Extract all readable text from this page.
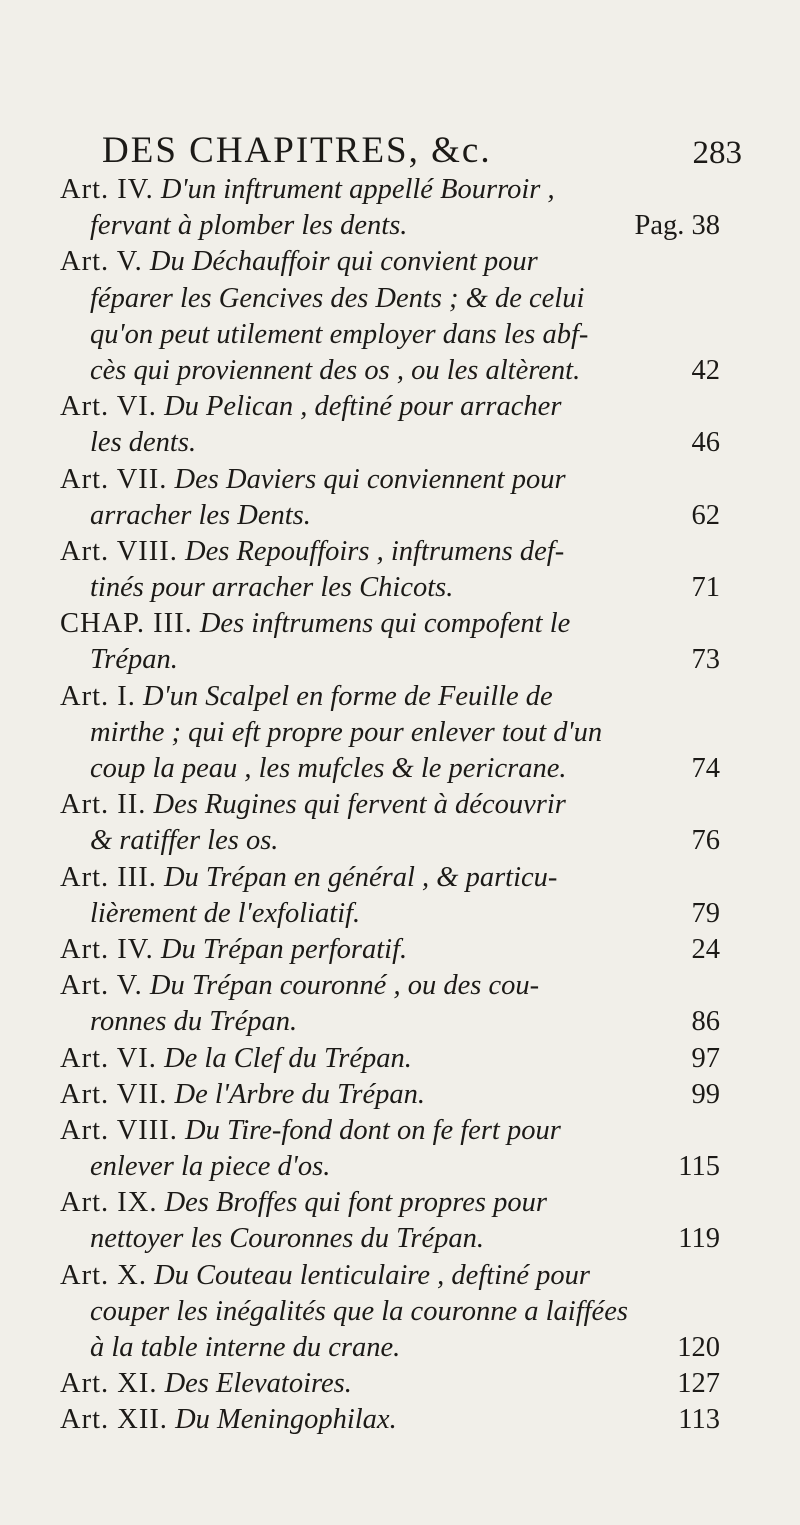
DES CHAPITRES, &c.	283
Art. IV. D'un inftrument appellé Bourroir ,
fervant à plomber les dents.	Pag. 38
Art. V. Du Déchauffoir qui convient pour
féparer les Gencives des Dents ; & de celui
qu'on peut utilement employer dans les abf-
cès qui proviennent des os , ou les altèrent.	42
Art. VI. Du Pelican , deftiné pour arracher
les dents.	46
Art. VII. Des Daviers qui conviennent pour
arracher les Dents.	62
Art. VIII. Des Repouffoirs , inftrumens def-
tinés pour arracher les Chicots.	71
CHAP. III. Des inftrumens qui compofent le
Trépan.	73
Art. I. D'un Scalpel en forme de Feuille de
mirthe ; qui eft propre pour enlever tout d'un
coup la peau , les mufcles & le pericrane.	74
Art. II. Des Rugines qui fervent à découvrir
& ratiffer les os.	76
Art. III. Du Trépan en général , & particu-
lièrement de l'exfoliatif.	79
Art. IV. Du Trépan perforatif.	24
Art. V. Du Trépan couronné , ou des cou-
ronnes du Trépan.	86
Art. VI. De la Clef du Trépan.	97
Art. VII. De l'Arbre du Trépan.	99
Art. VIII. Du Tire-fond dont on fe fert pour
enlever la piece d'os.	115
Art. IX. Des Broffes qui font propres pour
nettoyer les Couronnes du Trépan.	119
Art. X. Du Couteau lenticulaire , deftiné pour
couper les inégalités que la couronne a laiffées
à la table interne du crane.	120
Art. XI. Des Elevatoires.	127
Art. XII. Du Meningophilax.	113
